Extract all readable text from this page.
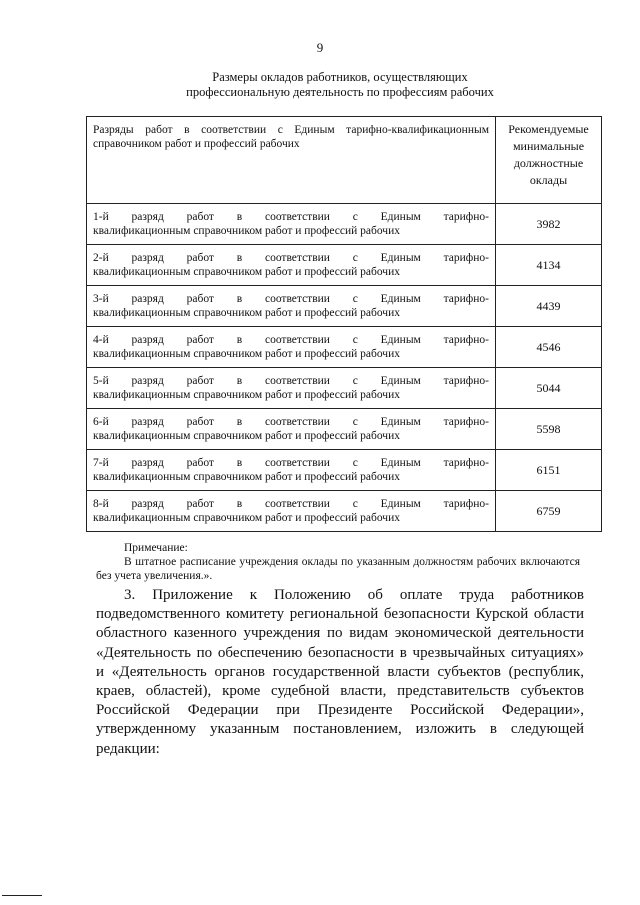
9
Размеры окладов работников, осуществляющих
профессиональную деятельность по профессиям рабочих
Разряды работ в соответствии с Единым тарифно-квалификационным справочником работ и профессий рабочих	Рекомендуемые
минимальные
должностные
оклады

1-й разряд работ в соответствии с Единым тарифно-
квалификационным справочником работ и профессий рабочих	3982

2-й разряд работ в соответствии с Единым тарифно-
квалификационным справочником работ и профессий рабочих	4134

3-й разряд работ в соответствии с Единым тарифно-
квалификационным справочником работ и профессий рабочих	4439

4-й разряд работ в соответствии с Единым тарифно-
квалификационным справочником работ и профессий рабочих	4546

5-й разряд работ в соответствии с Единым тарифно-
квалификационным справочником работ и профессий рабочих	5044

6-й разряд работ в соответствии с Единым тарифно-
квалификационным справочником работ и профессий рабочих	5598

7-й разряд работ в соответствии с Единым тарифно-
квалификационным справочником работ и профессий рабочих	6151

8-й разряд работ в соответствии с Единым тарифно-
квалификационным справочником работ и профессий рабочих	6759
Примечание:
В штатное расписание учреждения оклады по указанным должностям рабочих включаются без учета увеличения.».

3. Приложение к Положению об оплате труда работников подведомственного комитету региональной безопасности Курской области областного казенного учреждения по видам экономической деятельности «Деятельность по обеспечению безопасности в чрезвычайных ситуациях» и «Деятельность органов государственной власти субъектов (республик, краев, областей), кроме судебной власти, представительств субъектов Российской Федерации при Президенте Российской Федерации», утвержденному указанным постановлением, изложить в следующей редакции:
